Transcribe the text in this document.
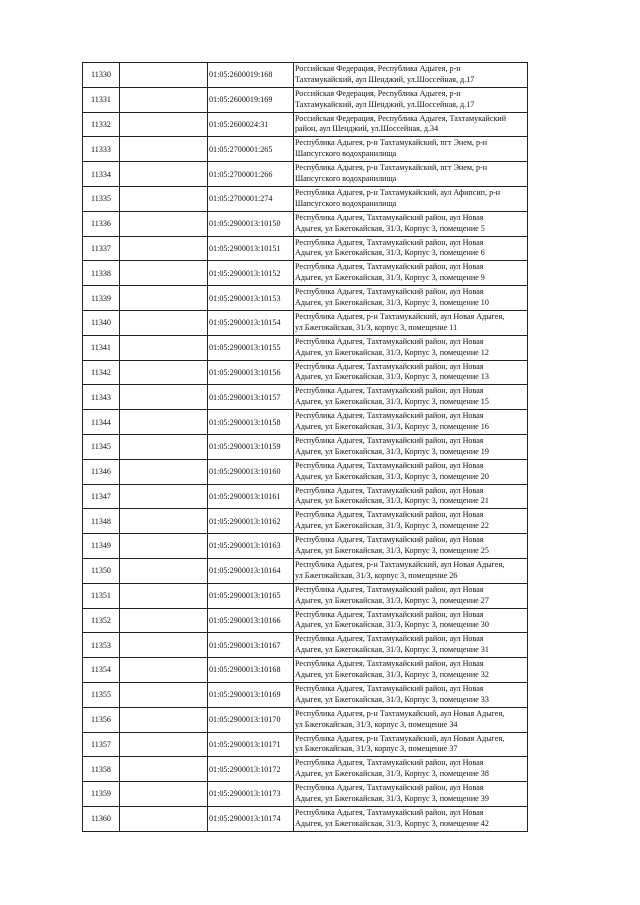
11330		01:05:2600019:168	Российская Федерация, Республика Адыгея, р-н
Тахтамукайский, аул Шенджий, ул.Шоссейная, д.17
11331		01:05:2600019:169	Российская Федерация, Республика Адыгея, р-н
Тахтамукайский, аул Шенджий, ул.Шоссейная, д.17
11332		01:05:2600024:31	Российская Федерация, Республика Адыгея, Тахтамукайский
район, аул Шенджий, ул.Шоссейная, д.34
11333		01:05:2700001:265	Республика Адыгея, р-н Тахтамукайский, пгт Энем, р-н
Шапсугского водохранилища
11334		01:05:2700001:266	Республика Адыгея, р-н Тахтамукайский, пгт Энем, р-н
Шапсугского водохранилища
11335		01:05:2700001:274	Республика Адыгея, р-н Тахтамукайский, аул Афипсип, р-н
Шапсугского водохранилища
11336		01:05:2900013:10150	Республика Адыгея, Тахтамукайский район, аул Новая
Адыгея, ул Бжегокайская, 31/3, Корпус 3, помещение 5
11337		01:05:2900013:10151	Республика Адыгея, Тахтамукайский район, аул Новая
Адыгея, ул Бжегокайская, 31/3, Корпус 3, помещение 6
11338		01:05:2900013:10152	Республика Адыгея, Тахтамукайский район, аул Новая
Адыгея, ул Бжегокайская, 31/3, Корпус 3, помещение 9
11339		01:05:2900013:10153	Республика Адыгея, Тахтамукайский район, аул Новая
Адыгея, ул Бжегокайская, 31/3, Корпус 3, помещение 10
11340		01:05:2900013:10154	Республика Адыгея, р-н Тахтамукайский, аул Новая Адыгея,
ул Бжегокайская, 31/3, корпус 3, помещение 11
11341		01:05:2900013:10155	Республика Адыгея, Тахтамукайский район, аул Новая
Адыгея, ул Бжегокайская, 31/3, Корпус 3, помещение 12
11342		01:05:2900013:10156	Республика Адыгея, Тахтамукайский район, аул Новая
Адыгея, ул Бжегокайская, 31/3, Корпус 3, помещение 13
11343		01:05:2900013:10157	Республика Адыгея, Тахтамукайский район, аул Новая
Адыгея, ул Бжегокайская, 31/3, Корпус 3, помещение 15
11344		01:05:2900013:10158	Республика Адыгея, Тахтамукайский район, аул Новая
Адыгея, ул Бжегокайская, 31/3, Корпус 3, помещение 16
11345		01:05:2900013:10159	Республика Адыгея, Тахтамукайский район, аул Новая
Адыгея, ул Бжегокайская, 31/3, Корпус 3, помещение 19
11346		01:05:2900013:10160	Республика Адыгея, Тахтамукайский район, аул Новая
Адыгея, ул Бжегокайская, 31/3, Корпус 3, помещение 20
11347		01:05:2900013:10161	Республика Адыгея, Тахтамукайский район, аул Новая
Адыгея, ул Бжегокайская, 31/3, Корпус 3, помещение 21
11348		01:05:2900013:10162	Республика Адыгея, Тахтамукайский район, аул Новая
Адыгея, ул Бжегокайская, 31/3, Корпус 3, помещение 22
11349		01:05:2900013:10163	Республика Адыгея, Тахтамукайский район, аул Новая
Адыгея, ул Бжегокайская, 31/3, Корпус 3, помещение 25
11350		01:05:2900013:10164	Республика Адыгея, р-н Тахтамукайский, аул Новая Адыгея,
ул Бжегокайская, 31/3, корпус 3, помещение 26
11351		01:05:2900013:10165	Республика Адыгея, Тахтамукайский район, аул Новая
Адыгея, ул Бжегокайская, 31/3, Корпус 3, помещение 27
11352		01:05:2900013:10166	Республика Адыгея, Тахтамукайский район, аул Новая
Адыгея, ул Бжегокайская, 31/3, Корпус 3, помещение 30
11353		01:05:2900013:10167	Республика Адыгея, Тахтамукайский район, аул Новая
Адыгея, ул Бжегокайская, 31/3, Корпус 3, помещение 31
11354		01:05:2900013:10168	Республика Адыгея, Тахтамукайский район, аул Новая
Адыгея, ул Бжегокайская, 31/3, Корпус 3, помещение 32
11355		01:05:2900013:10169	Республика Адыгея, Тахтамукайский район, аул Новая
Адыгея, ул Бжегокайская, 31/3, Корпус 3, помещение 33
11356		01:05:2900013:10170	Республика Адыгея, р-н Тахтамукайский, аул Новая Адыгея,
ул Бжегокайская, 31/3, корпус 3, помещение 34
11357		01:05:2900013:10171	Республика Адыгея, р-н Тахтамукайский, аул Новая Адыгея,
ул Бжегокайская, 31/3, корпус 3, помещение 37
11358		01:05:2900013:10172	Республика Адыгея, Тахтамукайский район, аул Новая
Адыгея, ул Бжегокайская, 31/3, Корпус 3, помещение 38
11359		01:05:2900013:10173	Республика Адыгея, Тахтамукайский район, аул Новая
Адыгея, ул Бжегокайская, 31/3, Корпус 3, помещение 39
11360		01:05:2900013:10174	Республика Адыгея, Тахтамукайский район, аул Новая
Адыгея, ул Бжегокайская, 31/3, Корпус 3, помещение 42
